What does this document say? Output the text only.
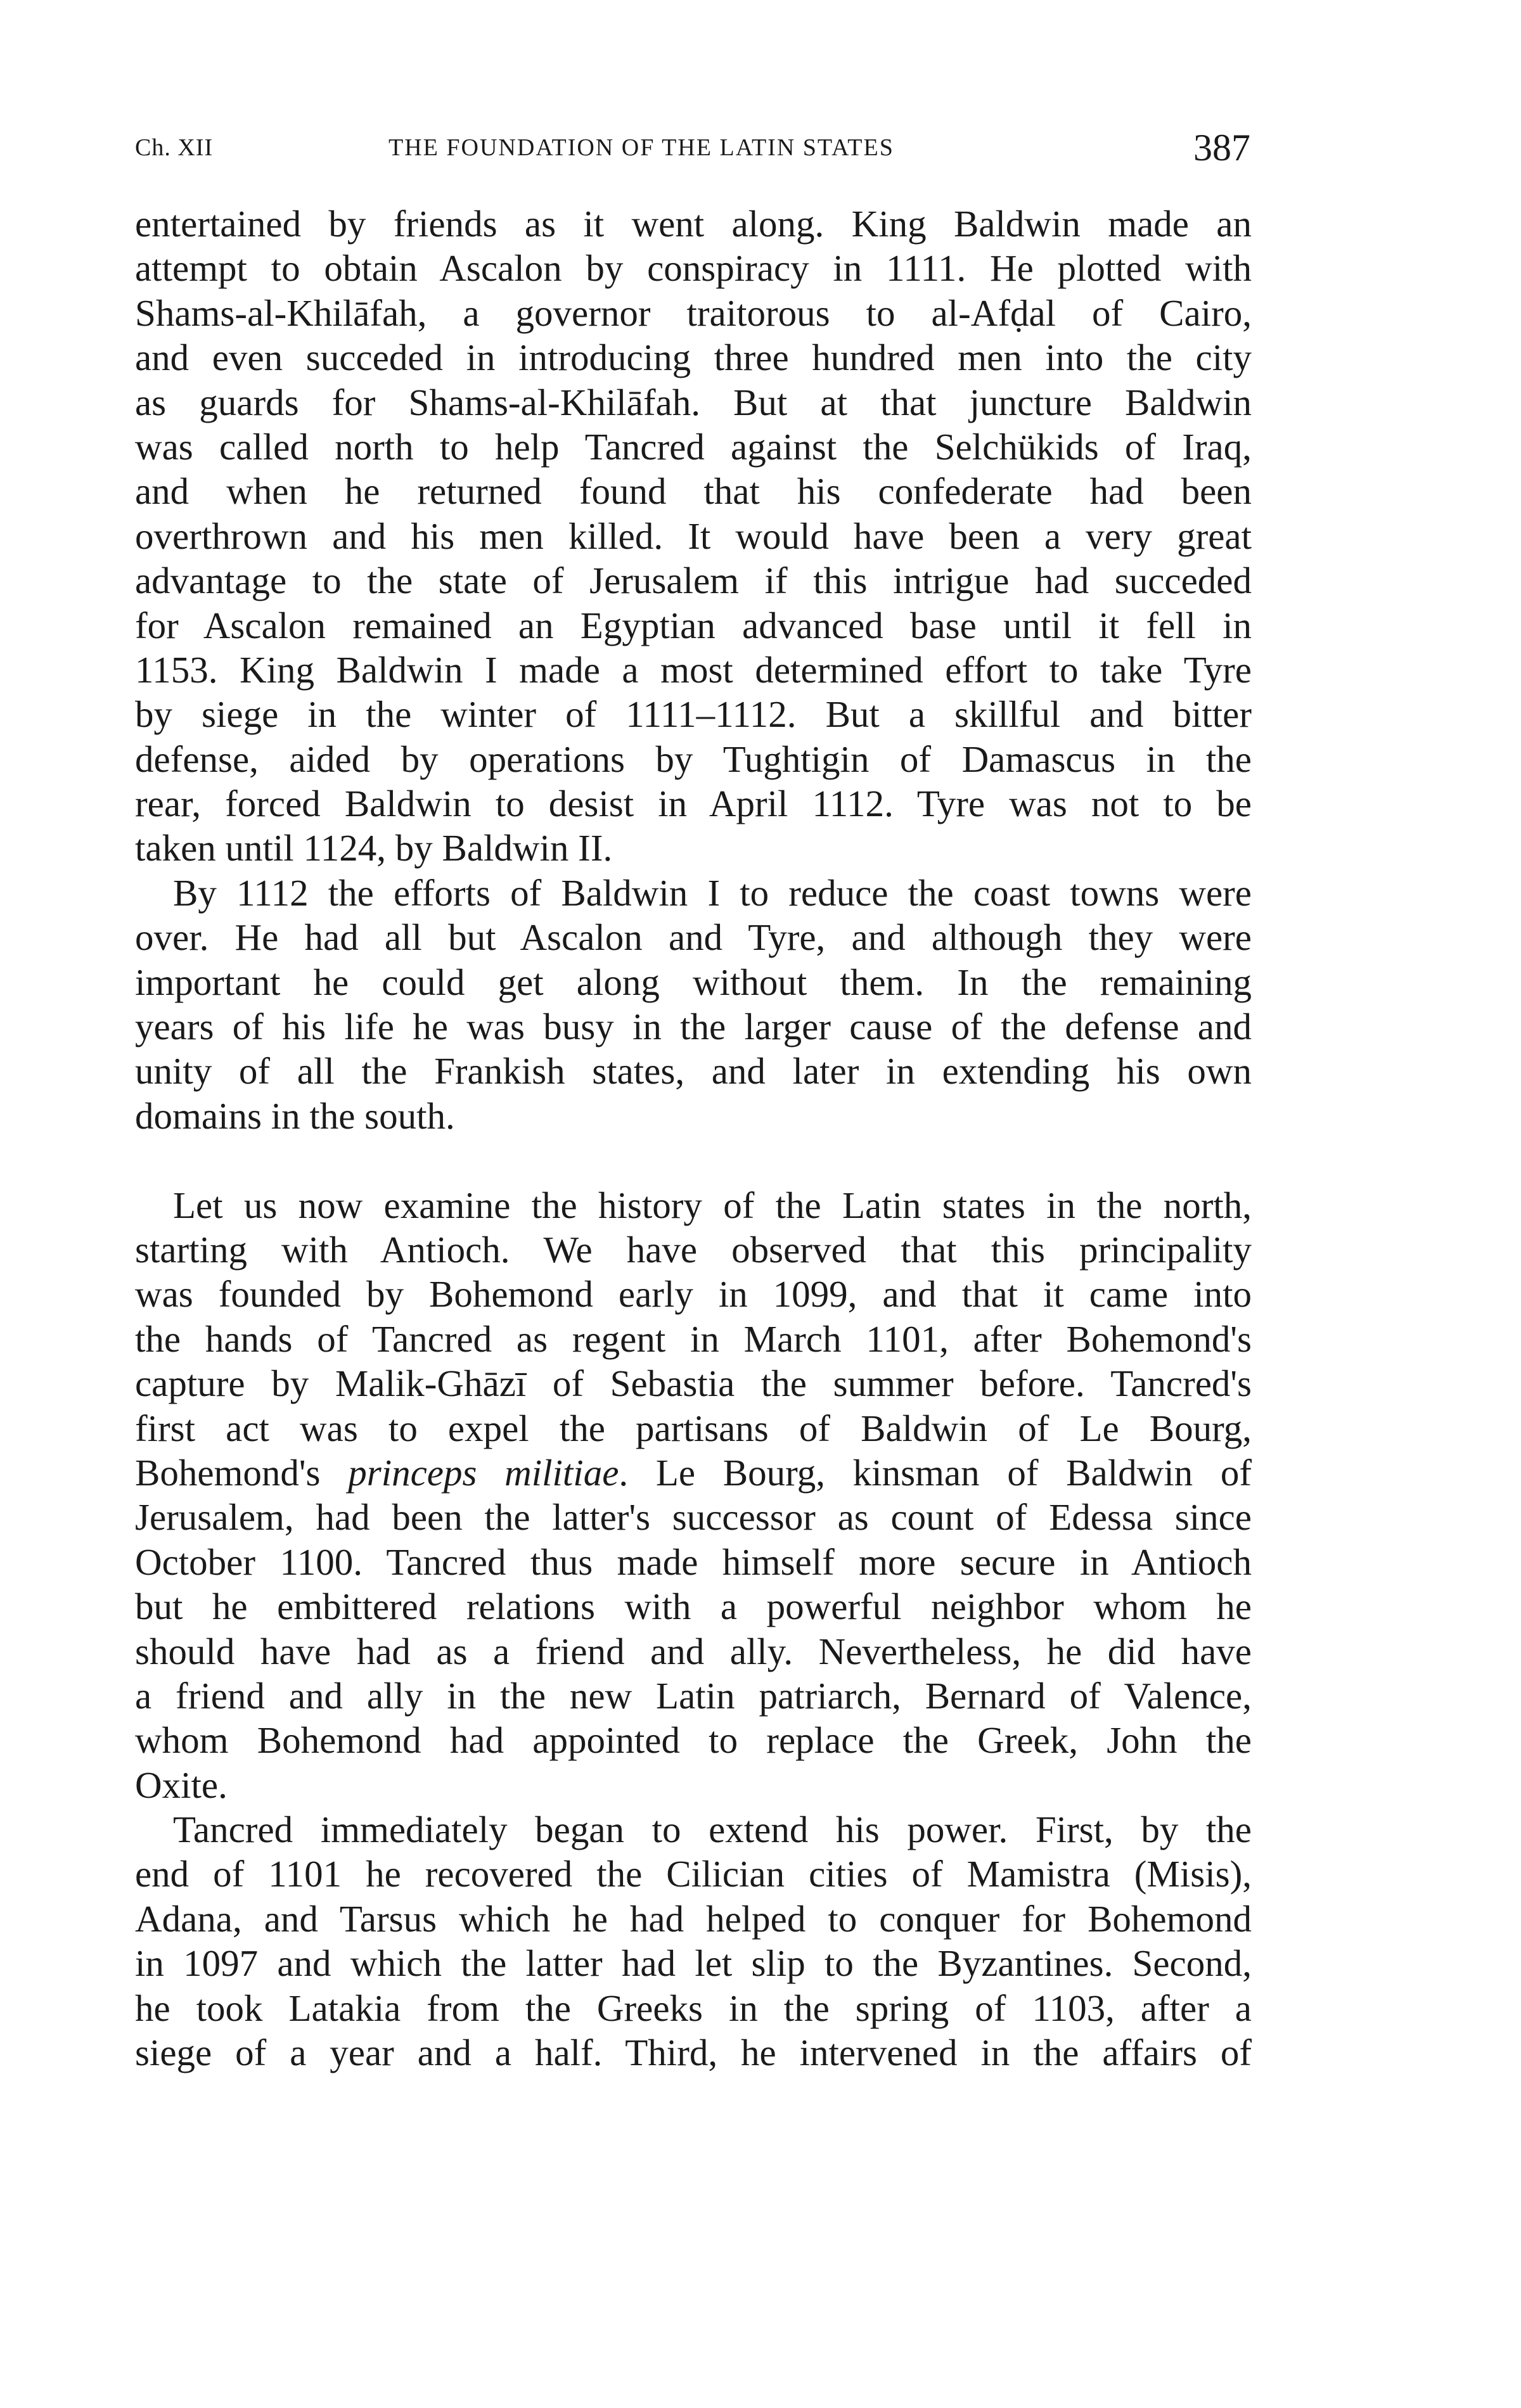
Ch. XII	THE FOUNDATION OF THE LATIN STATES	387
entertained by friends as it went along. King Baldwin made an
attempt to obtain Ascalon by conspiracy in 1111. He plotted with
Shams-al-Khilāfah, a governor traitorous to al-Afḍal of Cairo,
and even succeded in introducing three hundred men into the city
as guards for Shams-al-Khilāfah. But at that juncture Baldwin
was called north to help Tancred against the Selchükids of Iraq,
and when he returned found that his confederate had been
overthrown and his men killed. It would have been a very great
advantage to the state of Jerusalem if this intrigue had succeded
for Ascalon remained an Egyptian advanced base until it fell in
1153. King Baldwin I made a most determined effort to take Tyre
by siege in the winter of 1111–1112. But a skillful and bitter
defense, aided by operations by Tughtigin of Damascus in the
rear, forced Baldwin to desist in April 1112. Tyre was not to be
taken until 1124, by Baldwin II.
By 1112 the efforts of Baldwin I to reduce the coast towns were
over. He had all but Ascalon and Tyre, and although they were
important he could get along without them. In the remaining
years of his life he was busy in the larger cause of the defense and
unity of all the Frankish states, and later in extending his own
domains in the south.
Let us now examine the history of the Latin states in the north,
starting with Antioch. We have observed that this principality
was founded by Bohemond early in 1099, and that it came into
the hands of Tancred as regent in March 1101, after Bohemond's
capture by Malik-Ghāzī of Sebastia the summer before. Tancred's
first act was to expel the partisans of Baldwin of Le Bourg,
Bohemond's princeps militiae. Le Bourg, kinsman of Baldwin of
Jerusalem, had been the latter's successor as count of Edessa since
October 1100. Tancred thus made himself more secure in Antioch
but he embittered relations with a powerful neighbor whom he
should have had as a friend and ally. Nevertheless, he did have
a friend and ally in the new Latin patriarch, Bernard of Valence,
whom Bohemond had appointed to replace the Greek, John the
Oxite.
Tancred immediately began to extend his power. First, by the
end of 1101 he recovered the Cilician cities of Mamistra (Misis),
Adana, and Tarsus which he had helped to conquer for Bohemond
in 1097 and which the latter had let slip to the Byzantines. Second,
he took Latakia from the Greeks in the spring of 1103, after a
siege of a year and a half. Third, he intervened in the affairs of
